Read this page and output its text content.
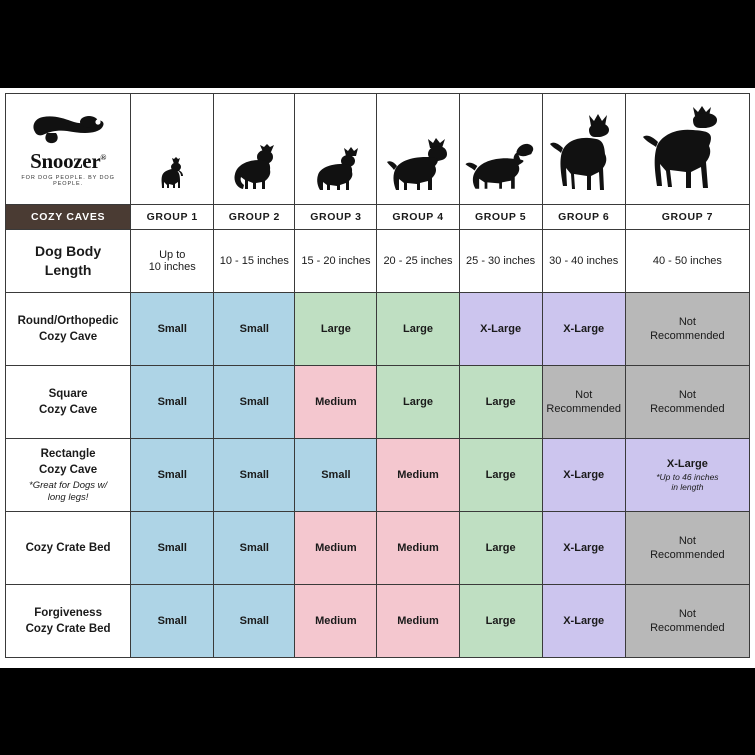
Snoozer®
FOR DOG PEOPLE. BY DOG PEOPLE.

COZY CAVES	GROUP 1	GROUP 2	GROUP 3	GROUP 4	GROUP 5	GROUP 6	GROUP 7
Dog Body
Length	Up to
10 inches	10 - 15 inches	15 - 20 inches	20 - 25 inches	25 - 30 inches	30 - 40 inches	40 - 50 inches
Round/Orthopedic
Cozy Cave	Small	Small	Large	Large	X-Large	X-Large	Not
Recommended
Square
Cozy Cave	Small	Small	Medium	Large	Large	Not
Recommended	Not
Recommended
Rectangle
Cozy Cave
*Great for Dogs w/
long legs!	Small	Small	Small	Medium	Large	X-Large	X-Large
*Up to 46 inches
in length

Cozy Crate Bed	Small	Small	Medium	Medium	Large	X-Large	Not
Recommended
Forgiveness
Cozy Crate Bed	Small	Small	Medium	Medium	Large	X-Large	Not
Recommended
